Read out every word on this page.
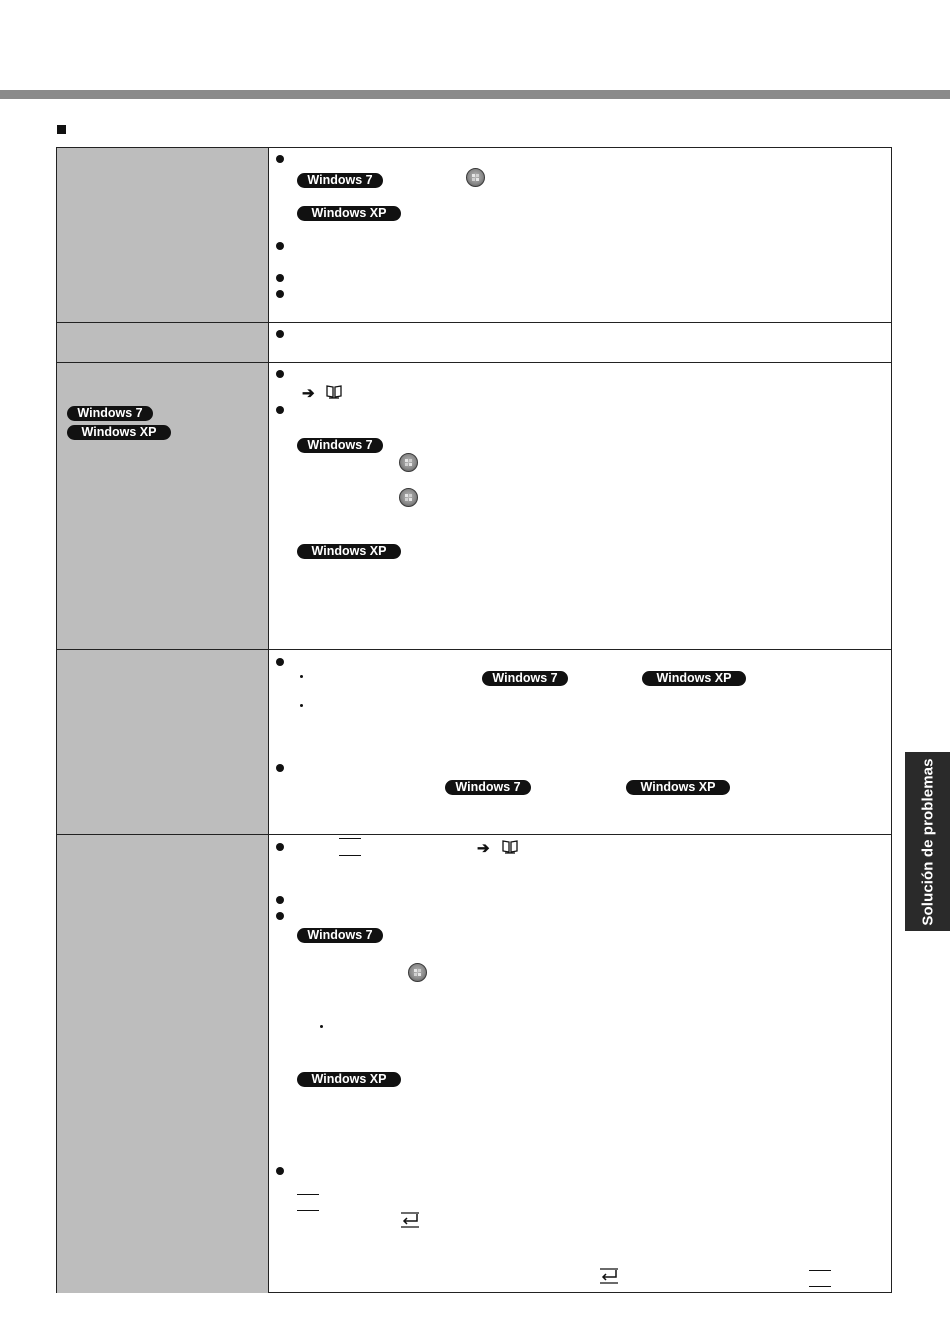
Windows 7
Windows XP
Windows 7
Windows XP
➔
Windows 7
Windows XP
Windows 7	Windows XP
Windows 7	Windows XP
➔
Windows 7
Windows XP
Solución de problemas
